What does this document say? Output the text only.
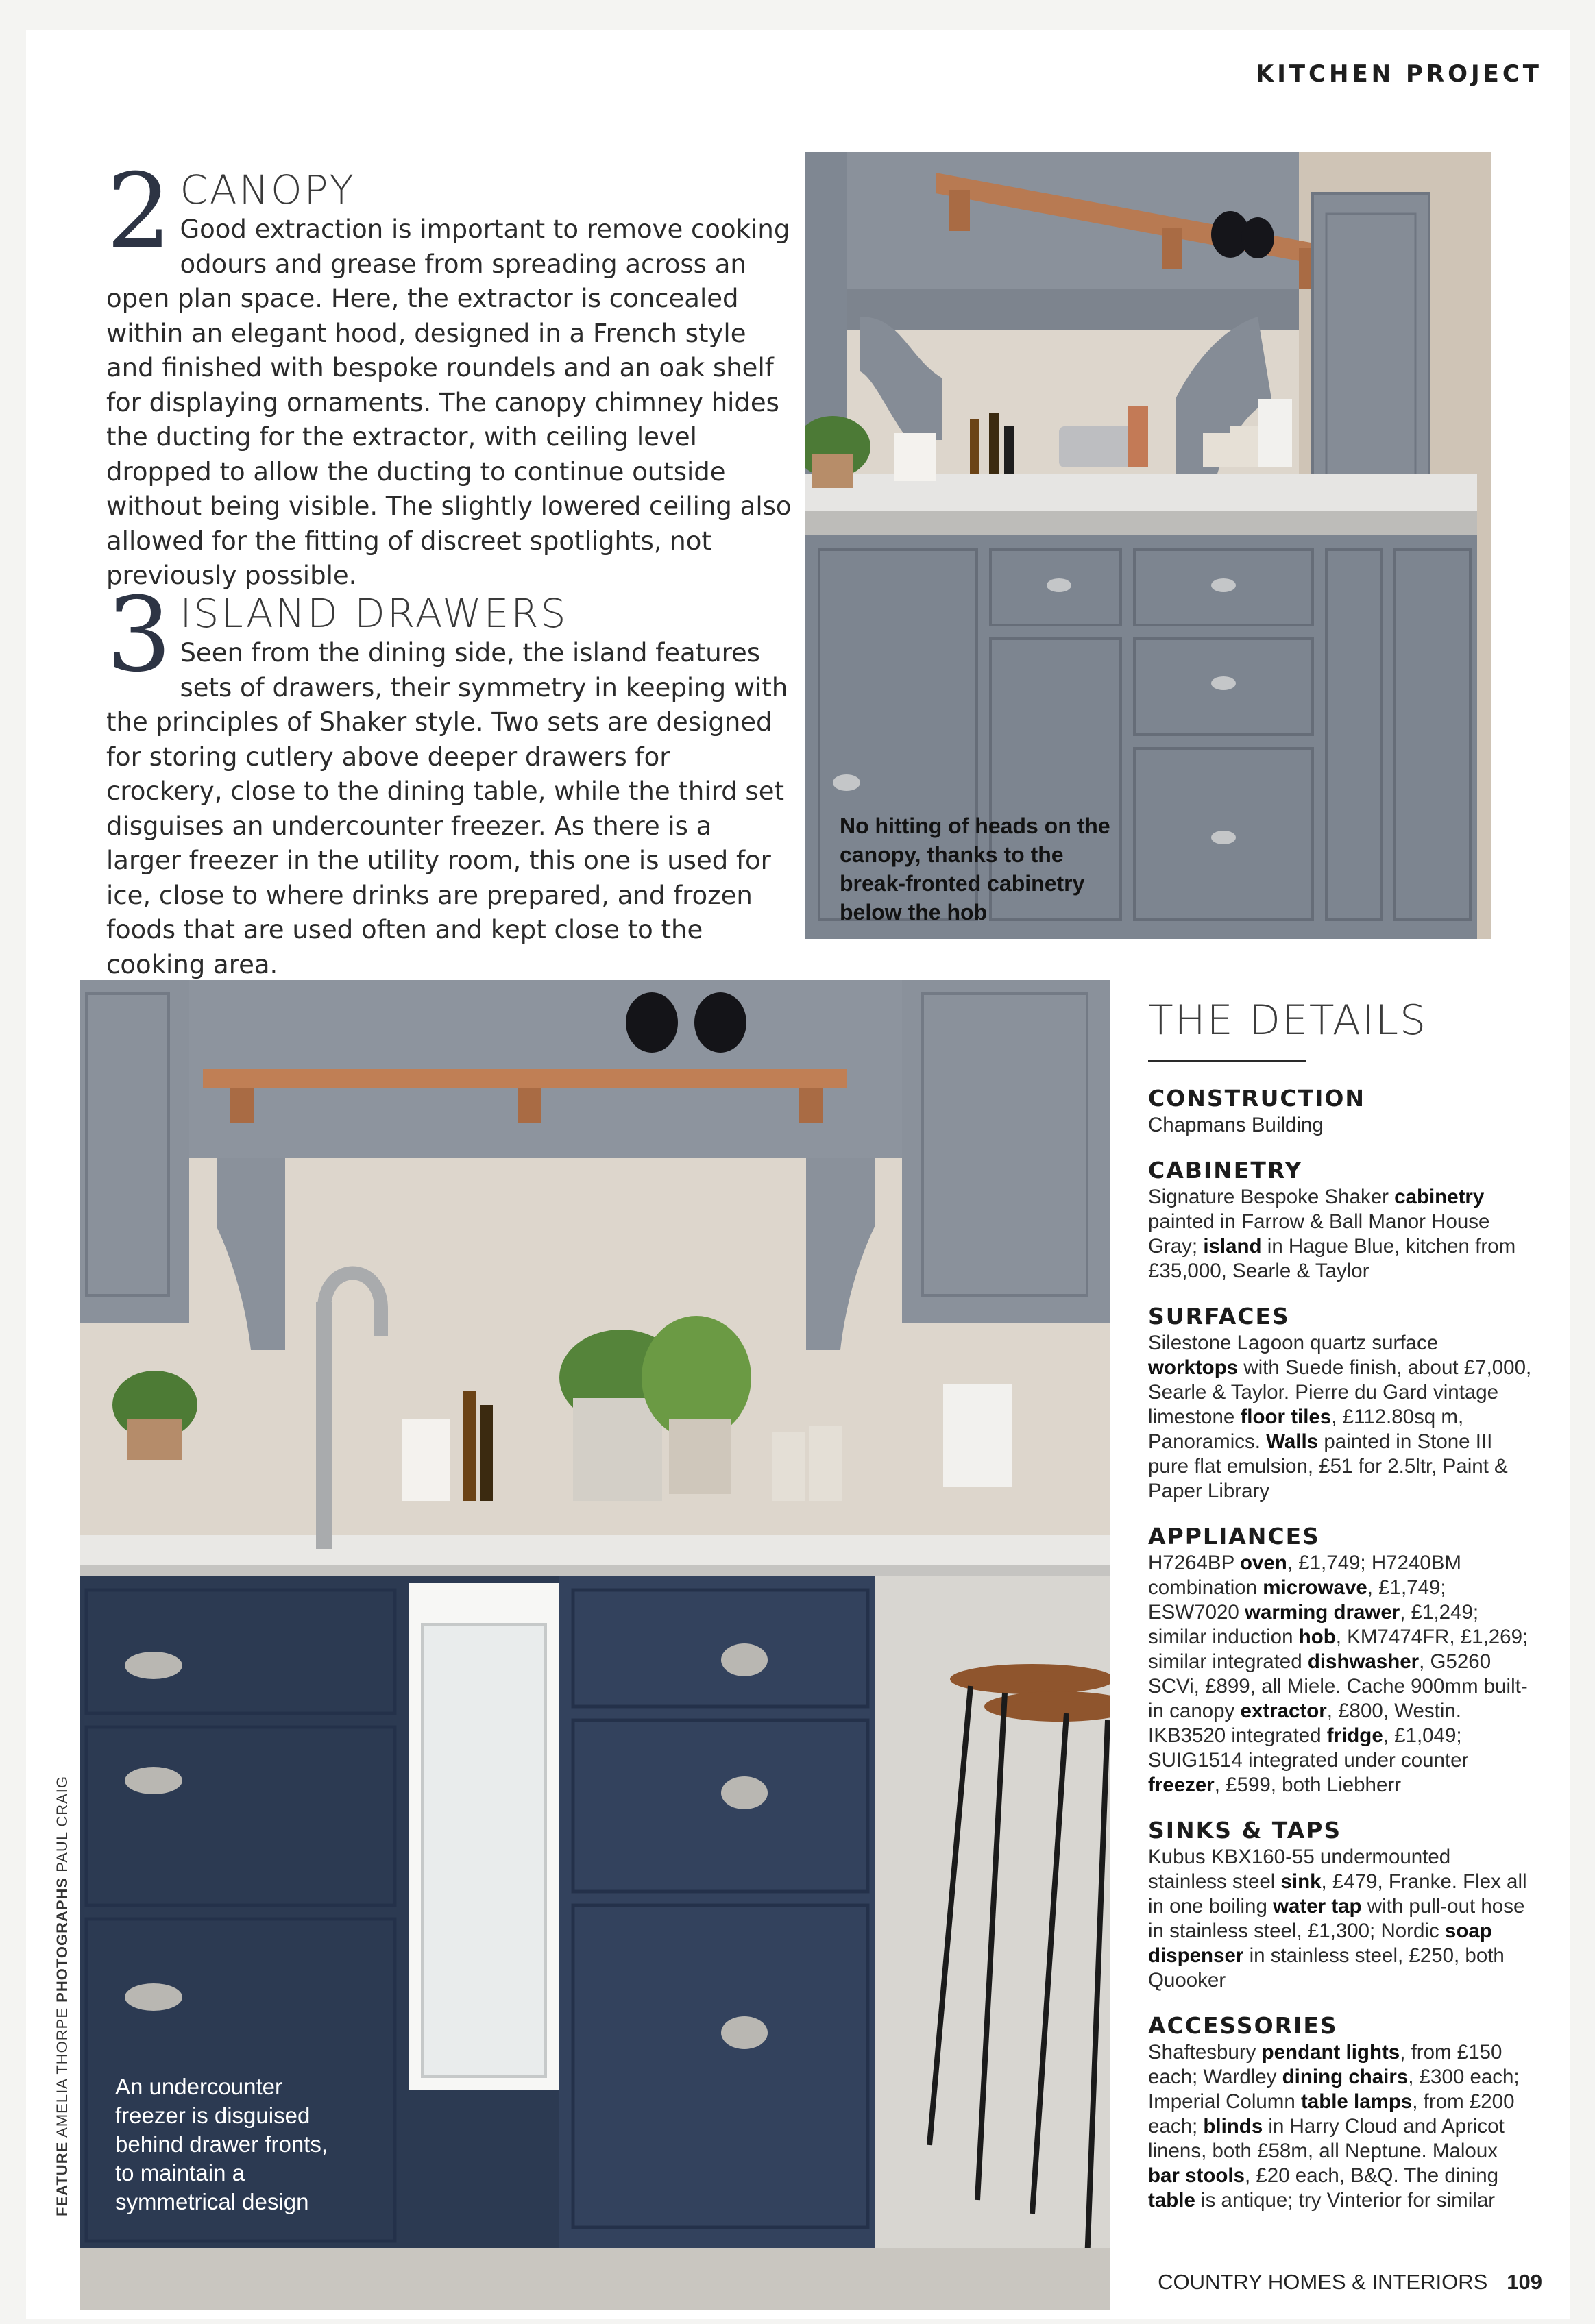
KITCHEN PROJECT
2 CANOPY

Good extraction is important to remove cooking odours and grease from spreading across an open plan space. Here, the extractor is concealed within an elegant hood, designed in a French style and finished with bespoke roundels and an oak shelf for displaying ornaments. The canopy chimney hides the ducting for the extractor, with ceiling level dropped to allow the ducting to continue outside without being visible. The slightly lowered ceiling also allowed for the fitting of discreet spotlights, not previously possible.

3 ISLAND DRAWERS

Seen from the dining side, the island features sets of drawers, their symmetry in keeping with the principles of Shaker style. Two sets are designed for storing cutlery above deeper drawers for crockery, close to the dining table, while the third set disguises an undercounter freezer. As there is a larger freezer in the utility room, this one is used for ice, close to where drinks are prepared, and frozen foods that are used often and kept close to the cooking area.

No hitting of heads on the canopy, thanks to the break-fronted cabinetry below the hob
An undercounter freezer is disguised behind drawer fronts, to maintain a symmetrical design
THE DETAILS
CONSTRUCTION
Chapmans Building
CABINETRY
Signature Bespoke Shaker cabinetry painted in Farrow & Ball Manor House Gray; island in Hague Blue, kitchen from £35,000, Searle & Taylor
SURFACES
Silestone Lagoon quartz surface worktops with Suede finish, about £7,000, Searle & Taylor. Pierre du Gard vintage limestone floor tiles, £112.80sq m, Panoramics. Walls painted in Stone III pure flat emulsion, £51 for 2.5ltr, Paint & Paper Library
APPLIANCES
H7264BP oven, £1,749; H7240BM combination microwave, £1,749; ESW7020 warming drawer, £1,249; similar induction hob, KM7474FR, £1,269; similar integrated dishwasher, G5260 SCVi, £899, all Miele. Cache 900mm built-in canopy extractor, £800, Westin. IKB3520 integrated fridge, £1,049; SUIG1514 integrated under counter freezer, £599, both Liebherr
SINKS & TAPS
Kubus KBX160-55 undermounted stainless steel sink, £479, Franke. Flex all in one boiling water tap with pull-out hose in stainless steel, £1,300; Nordic soap dispenser in stainless steel, £250, both Quooker
ACCESSORIES
Shaftesbury pendant lights, from £150 each; Wardley dining chairs, £300 each; Imperial Column table lamps, from £200 each; blinds in Harry Cloud and Apricot linens, both £58m, all Neptune. Maloux bar stools, £20 each, B&Q. The dining table is antique; try Vinterior for similar
FEATURE AMELIA THORPE PHOTOGRAPHS PAUL CRAIG
COUNTRY HOMES & INTERIORS 109
